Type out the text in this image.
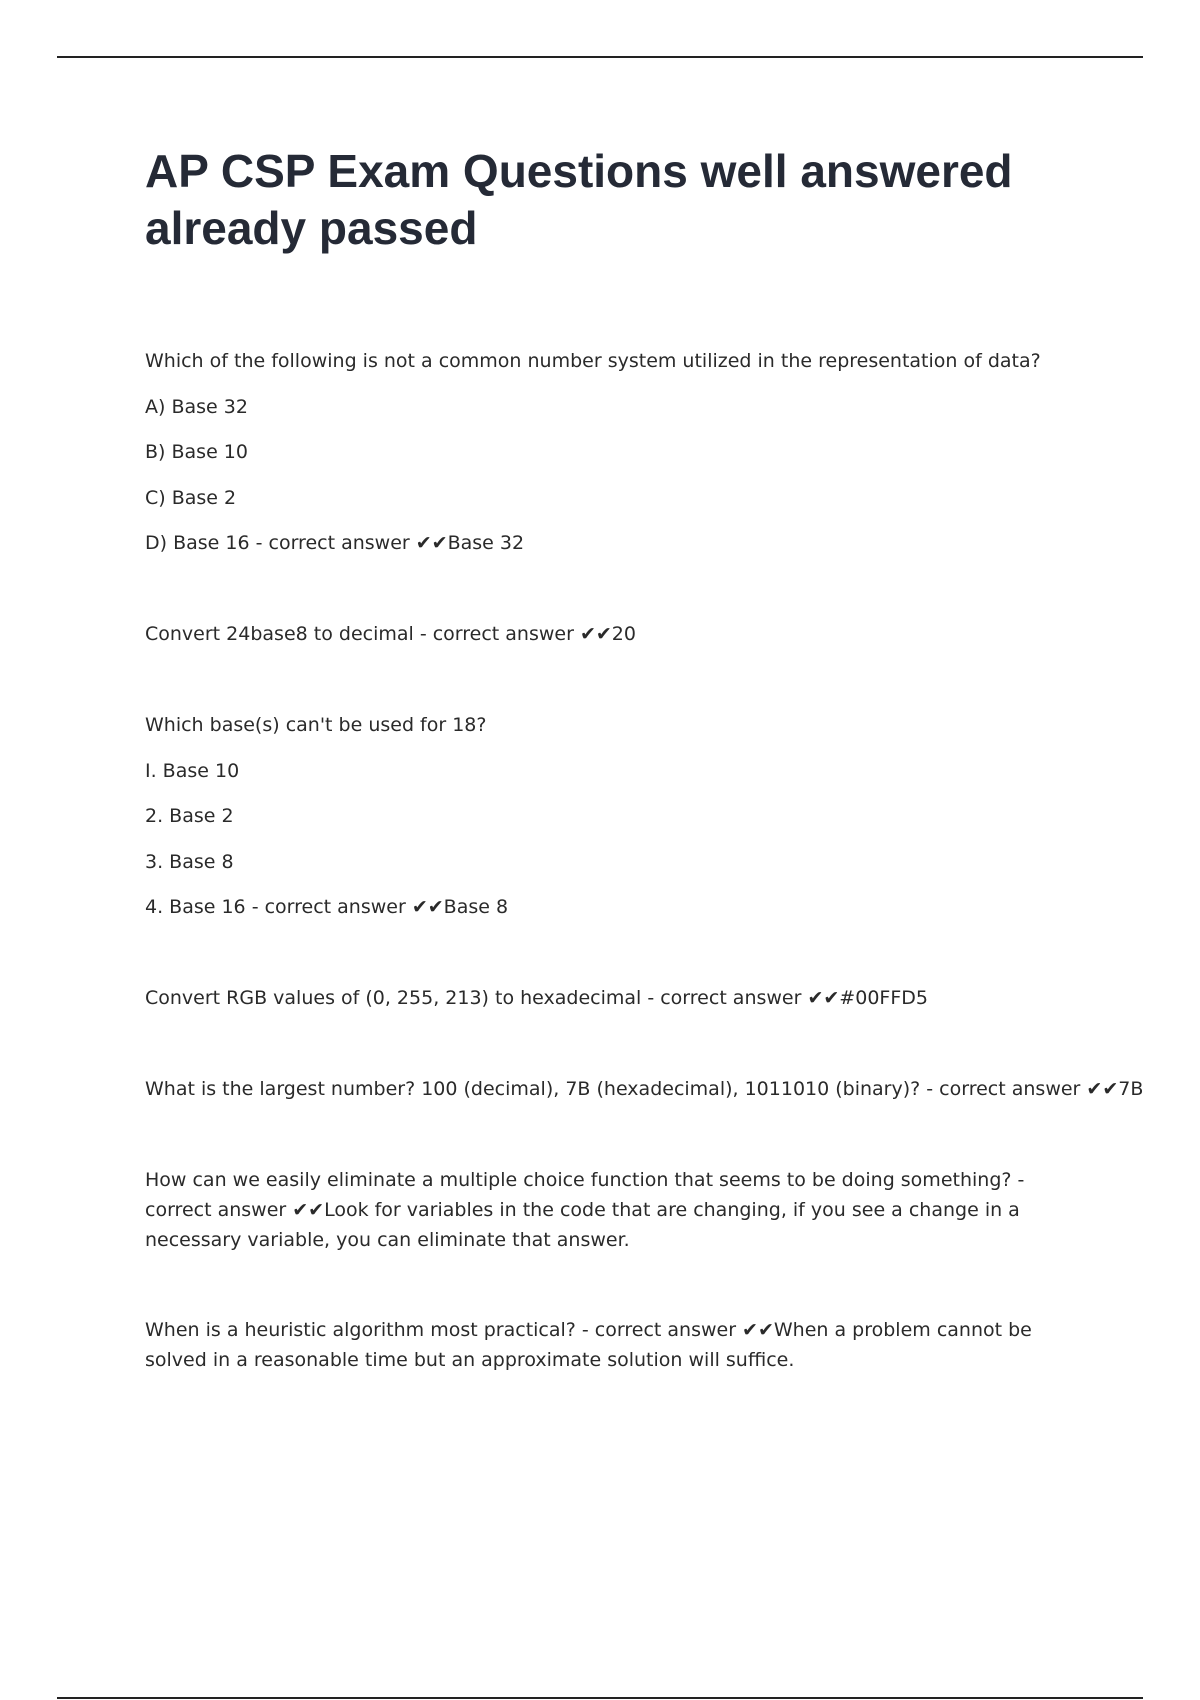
AP CSP Exam Questions well answered already passed

Which of the following is not a common number system utilized in the representation of data?

A) Base 32

B) Base 10

C) Base 2

D) Base 16 - correct answer ✔✔Base 32

Convert 24base8 to decimal - correct answer ✔✔20

Which base(s) can't be used for 18?

I. Base 10

2. Base 2

3. Base 8

4. Base 16 - correct answer ✔✔Base 8

Convert RGB values of (0, 255, 213) to hexadecimal - correct answer ✔✔#00FFD5

What is the largest number? 100 (decimal), 7B (hexadecimal), 1011010 (binary)? - correct answer ✔✔7B

How can we easily eliminate a multiple choice function that seems to be doing something? - correct answer ✔✔Look for variables in the code that are changing, if you see a change in a necessary variable, you can eliminate that answer.

When is a heuristic algorithm most practical? - correct answer ✔✔When a problem cannot be solved in a reasonable time but an approximate solution will suffice.
